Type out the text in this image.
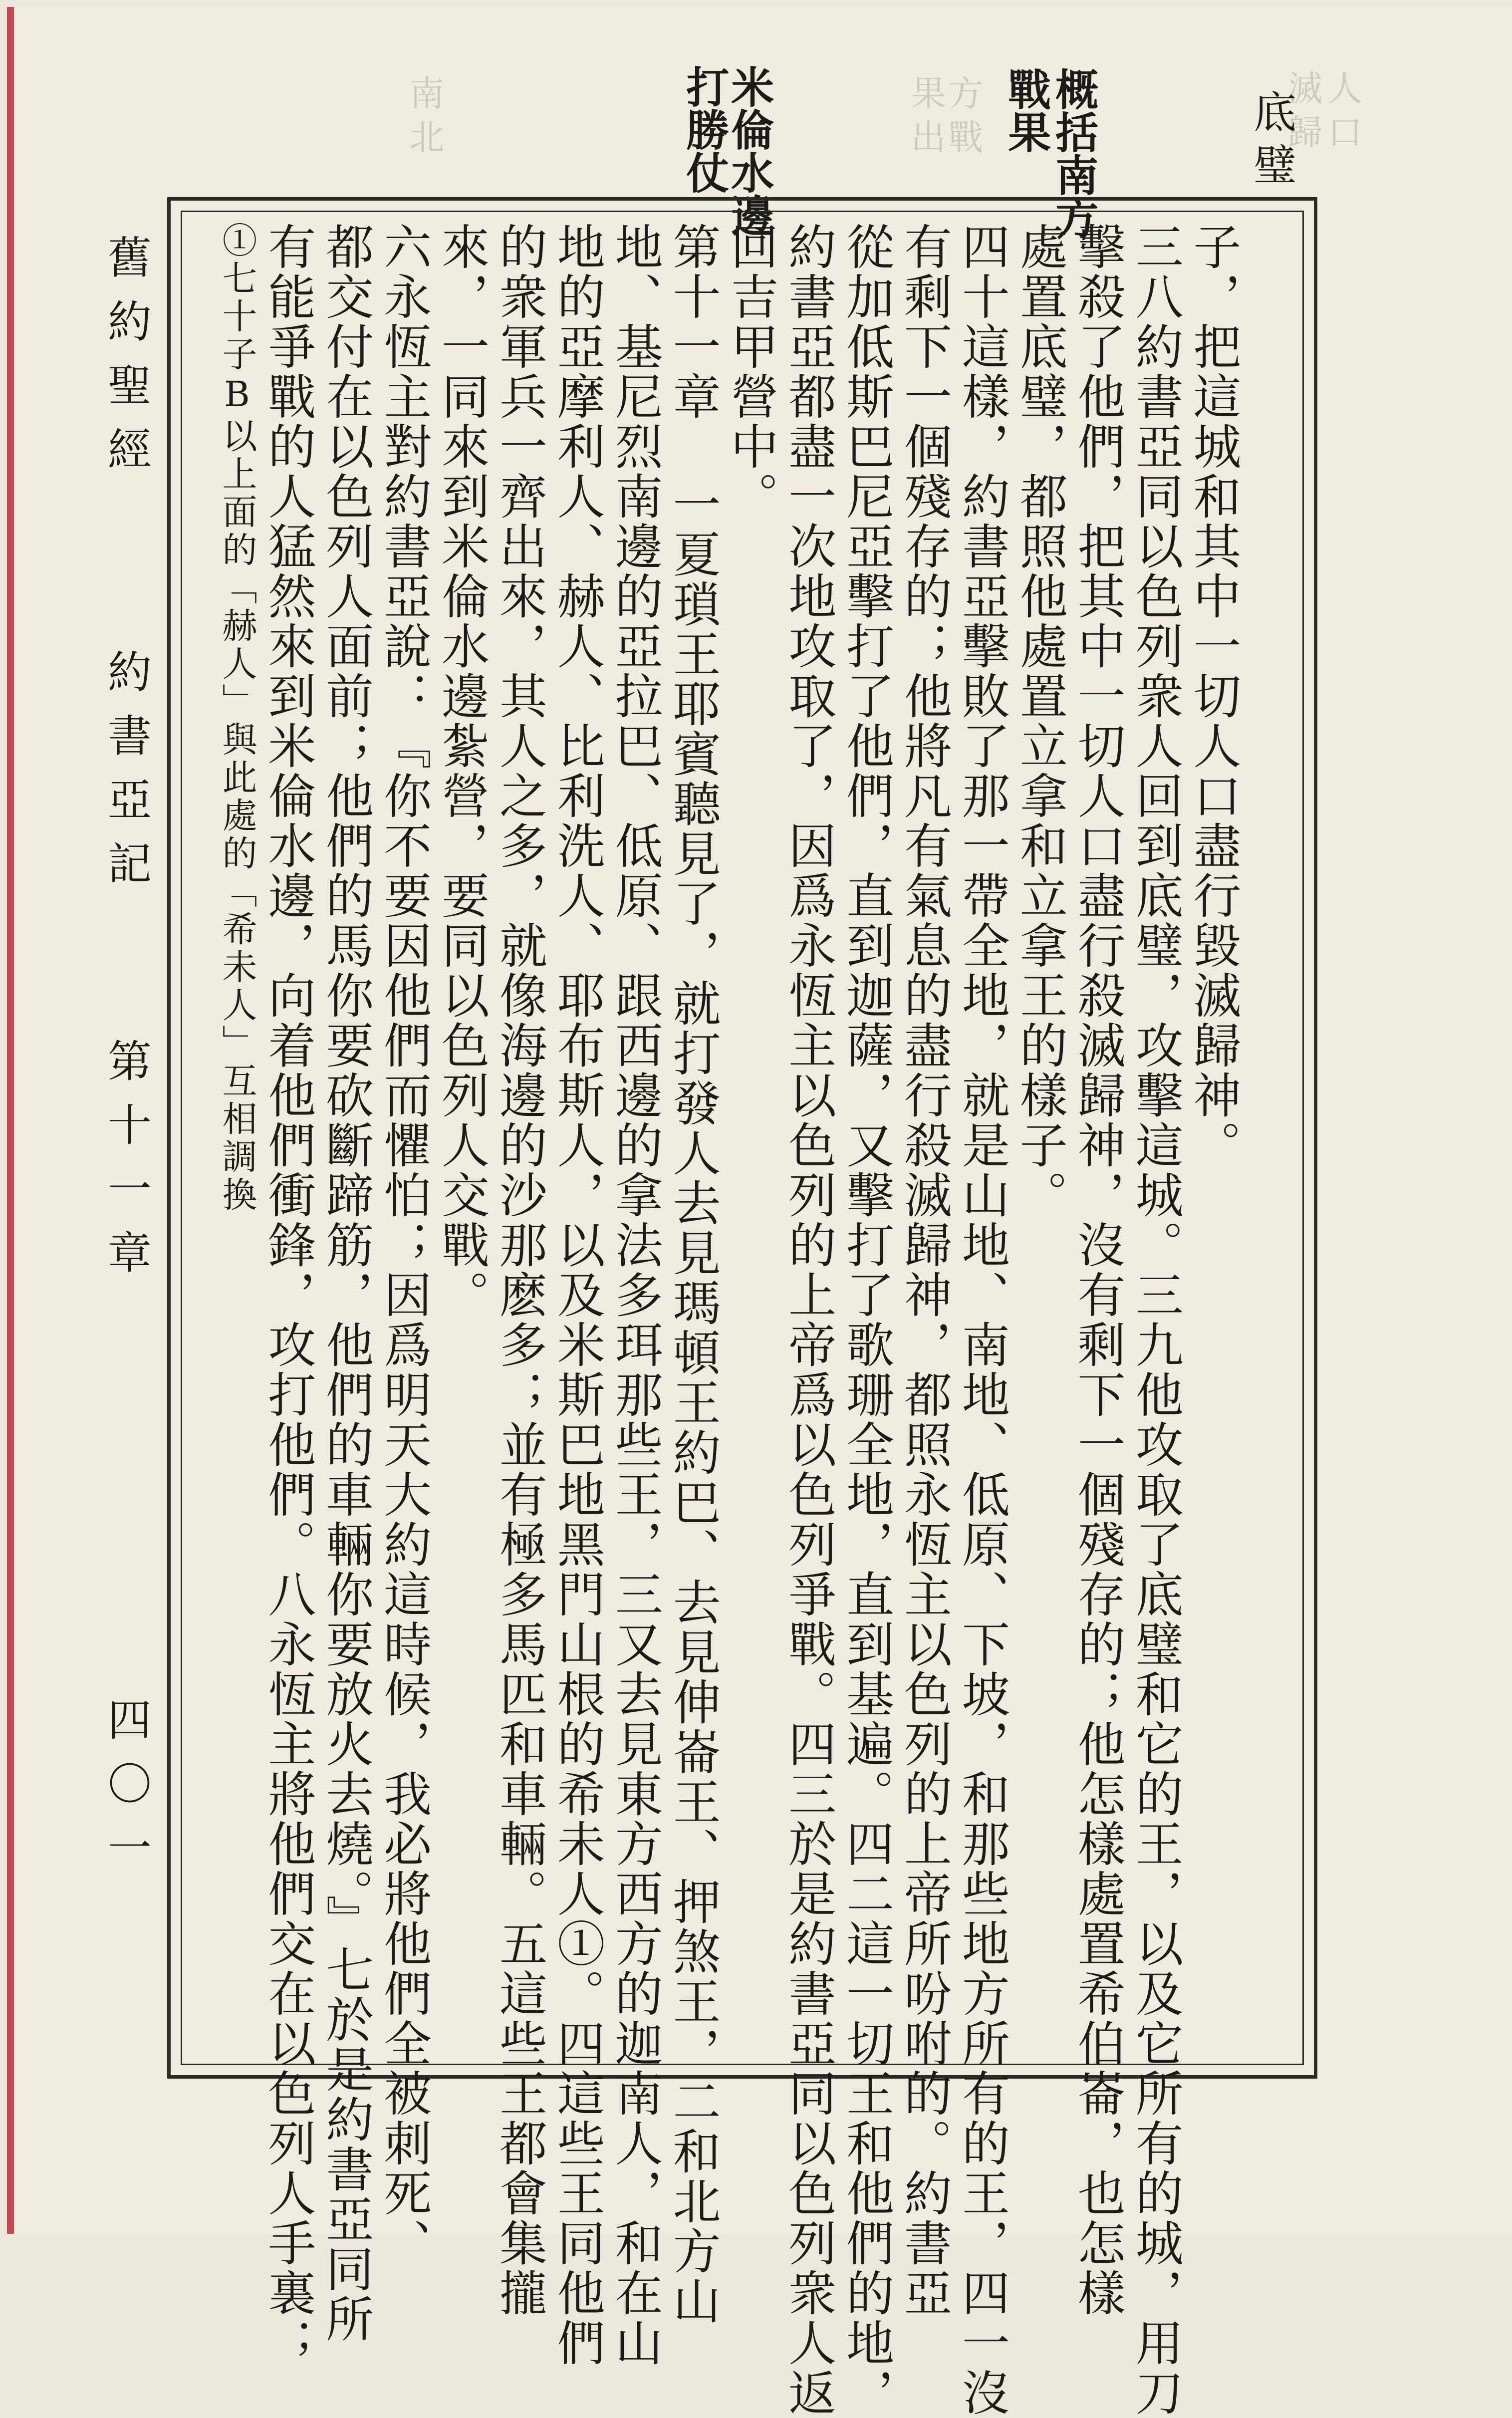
人口
滅歸
方戰
果出
南北	底璧
概括南方
戰果
米倫水邊
打勝仗
舊約聖經
約書亞記
第十一章
四〇一
子，把這城和其中一切人口盡行毀滅歸神。
三八約書亞同以色列衆人回到底璧，攻擊這城。三九他攻取了底璧和它的王，以及它所有的城，用刀
擊殺了他們，把其中一切人口盡行殺滅歸神，沒有剩下一個殘存的；他怎樣處置希伯崙，也怎樣
處置底璧，都照他處置立拿和立拿王的樣子。
四十這樣，約書亞擊敗了那一帶全地，就是山地、南地、低原、下坡，和那些地方所有的王，四一沒
有剩下一個殘存的；他將凡有氣息的盡行殺滅歸神，都照永恆主以色列的上帝所吩咐的。約書亞
從加低斯巴尼亞擊打了他們，直到迦薩，又擊打了歌珊全地，直到基遍。四二這一切王和他們的地，
約書亞都盡一次地攻取了，因爲永恆主以色列的上帝爲以色列爭戰。四三於是約書亞同以色列衆人返
回吉甲營中。
第十一章 一夏瑣王耶賓聽見了，就打發人去見瑪頓王約巴、去見伸崙王、押煞王，二和北方山
地、基尼烈南邊的亞拉巴、低原、跟西邊的拿法多珥那些王，三又去見東方西方的迦南人，和在山
地的亞摩利人、赫人、比利洗人、耶布斯人，以及米斯巴地黑門山根的希未人①。四這些王同他們
的衆軍兵一齊出來，其人之多，就像海邊的沙那麽多；並有極多馬匹和車輛。五這些王都會集攏
來，一同來到米倫水邊紮營，要同以色列人交戰。
六永恆主對約書亞說：『你不要因他們而懼怕；因爲明天大約這時候，我必將他們全被刺死、
都交付在以色列人面前；他們的馬你要砍斷蹄筋，他們的車輛你要放火去燒。』七於是約書亞同所
有能爭戰的人猛然來到米倫水邊，向着他們衝鋒，攻打他們。八永恆主將他們交在以色列人手裏；
①七十子B以上面的「赫人」與此處的「希未人」互相調換
